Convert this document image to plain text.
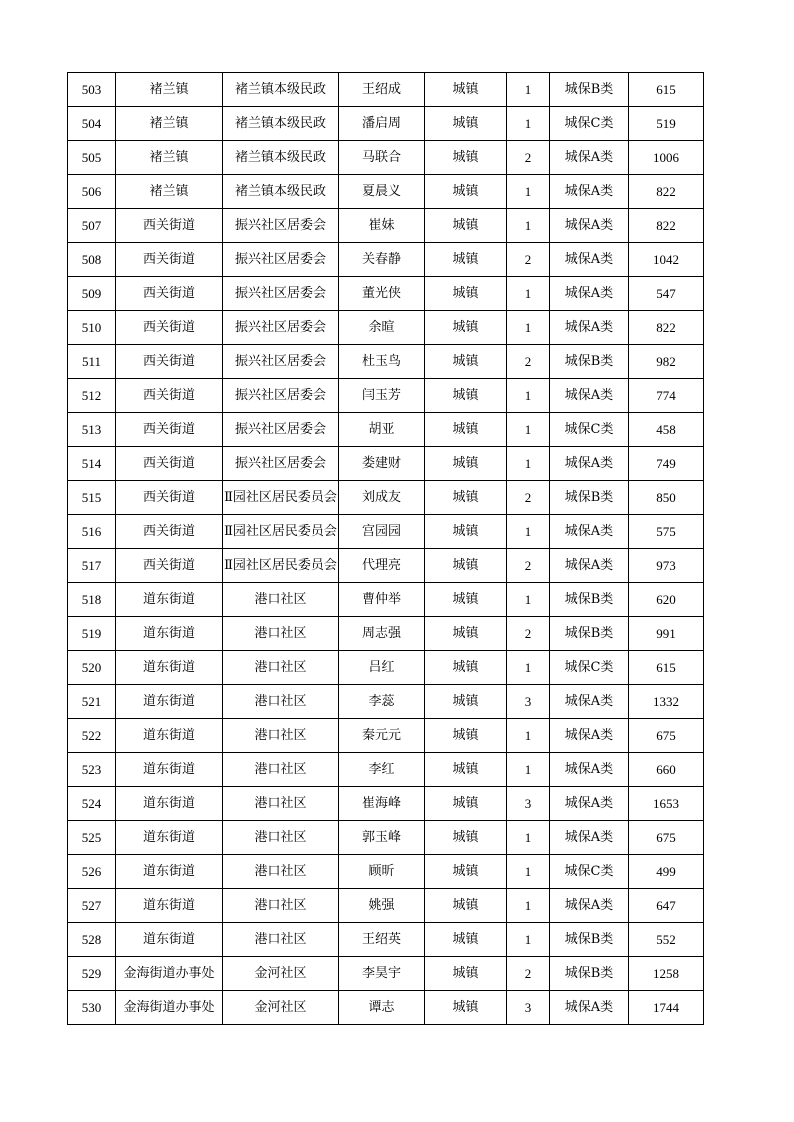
503	褚兰镇	褚兰镇本级民政	王绍成	城镇	1	城保B类	615
504	褚兰镇	褚兰镇本级民政	潘启周	城镇	1	城保C类	519
505	褚兰镇	褚兰镇本级民政	马联合	城镇	2	城保A类	1006
506	褚兰镇	褚兰镇本级民政	夏晨义	城镇	1	城保A类	822
507	西关街道	振兴社区居委会	崔妹	城镇	1	城保A类	822
508	西关街道	振兴社区居委会	关春静	城镇	2	城保A类	1042
509	西关街道	振兴社区居委会	董光侠	城镇	1	城保A类	547
510	西关街道	振兴社区居委会	余暄	城镇	1	城保A类	822
511	西关街道	振兴社区居委会	杜玉鸟	城镇	2	城保B类	982
512	西关街道	振兴社区居委会	闫玉芳	城镇	1	城保A类	774
513	西关街道	振兴社区居委会	胡亚	城镇	1	城保C类	458
514	西关街道	振兴社区居委会	娄建财	城镇	1	城保A类	749
515	西关街道	Ⅱ园社区居民委员会	刘成友	城镇	2	城保B类	850
516	西关街道	Ⅱ园社区居民委员会	宫园园	城镇	1	城保A类	575
517	西关街道	Ⅱ园社区居民委员会	代理亮	城镇	2	城保A类	973
518	道东街道	港口社区	曹仲举	城镇	1	城保B类	620
519	道东街道	港口社区	周志强	城镇	2	城保B类	991
520	道东街道	港口社区	吕红	城镇	1	城保C类	615
521	道东街道	港口社区	李蕊	城镇	3	城保A类	1332
522	道东街道	港口社区	秦元元	城镇	1	城保A类	675
523	道东街道	港口社区	李红	城镇	1	城保A类	660
524	道东街道	港口社区	崔海峰	城镇	3	城保A类	1653
525	道东街道	港口社区	郭玉峰	城镇	1	城保A类	675
526	道东街道	港口社区	顾昕	城镇	1	城保C类	499
527	道东街道	港口社区	姚强	城镇	1	城保A类	647
528	道东街道	港口社区	王绍英	城镇	1	城保B类	552
529	金海街道办事处	金河社区	李昊宇	城镇	2	城保B类	1258
530	金海街道办事处	金河社区	谭志	城镇	3	城保A类	1744
